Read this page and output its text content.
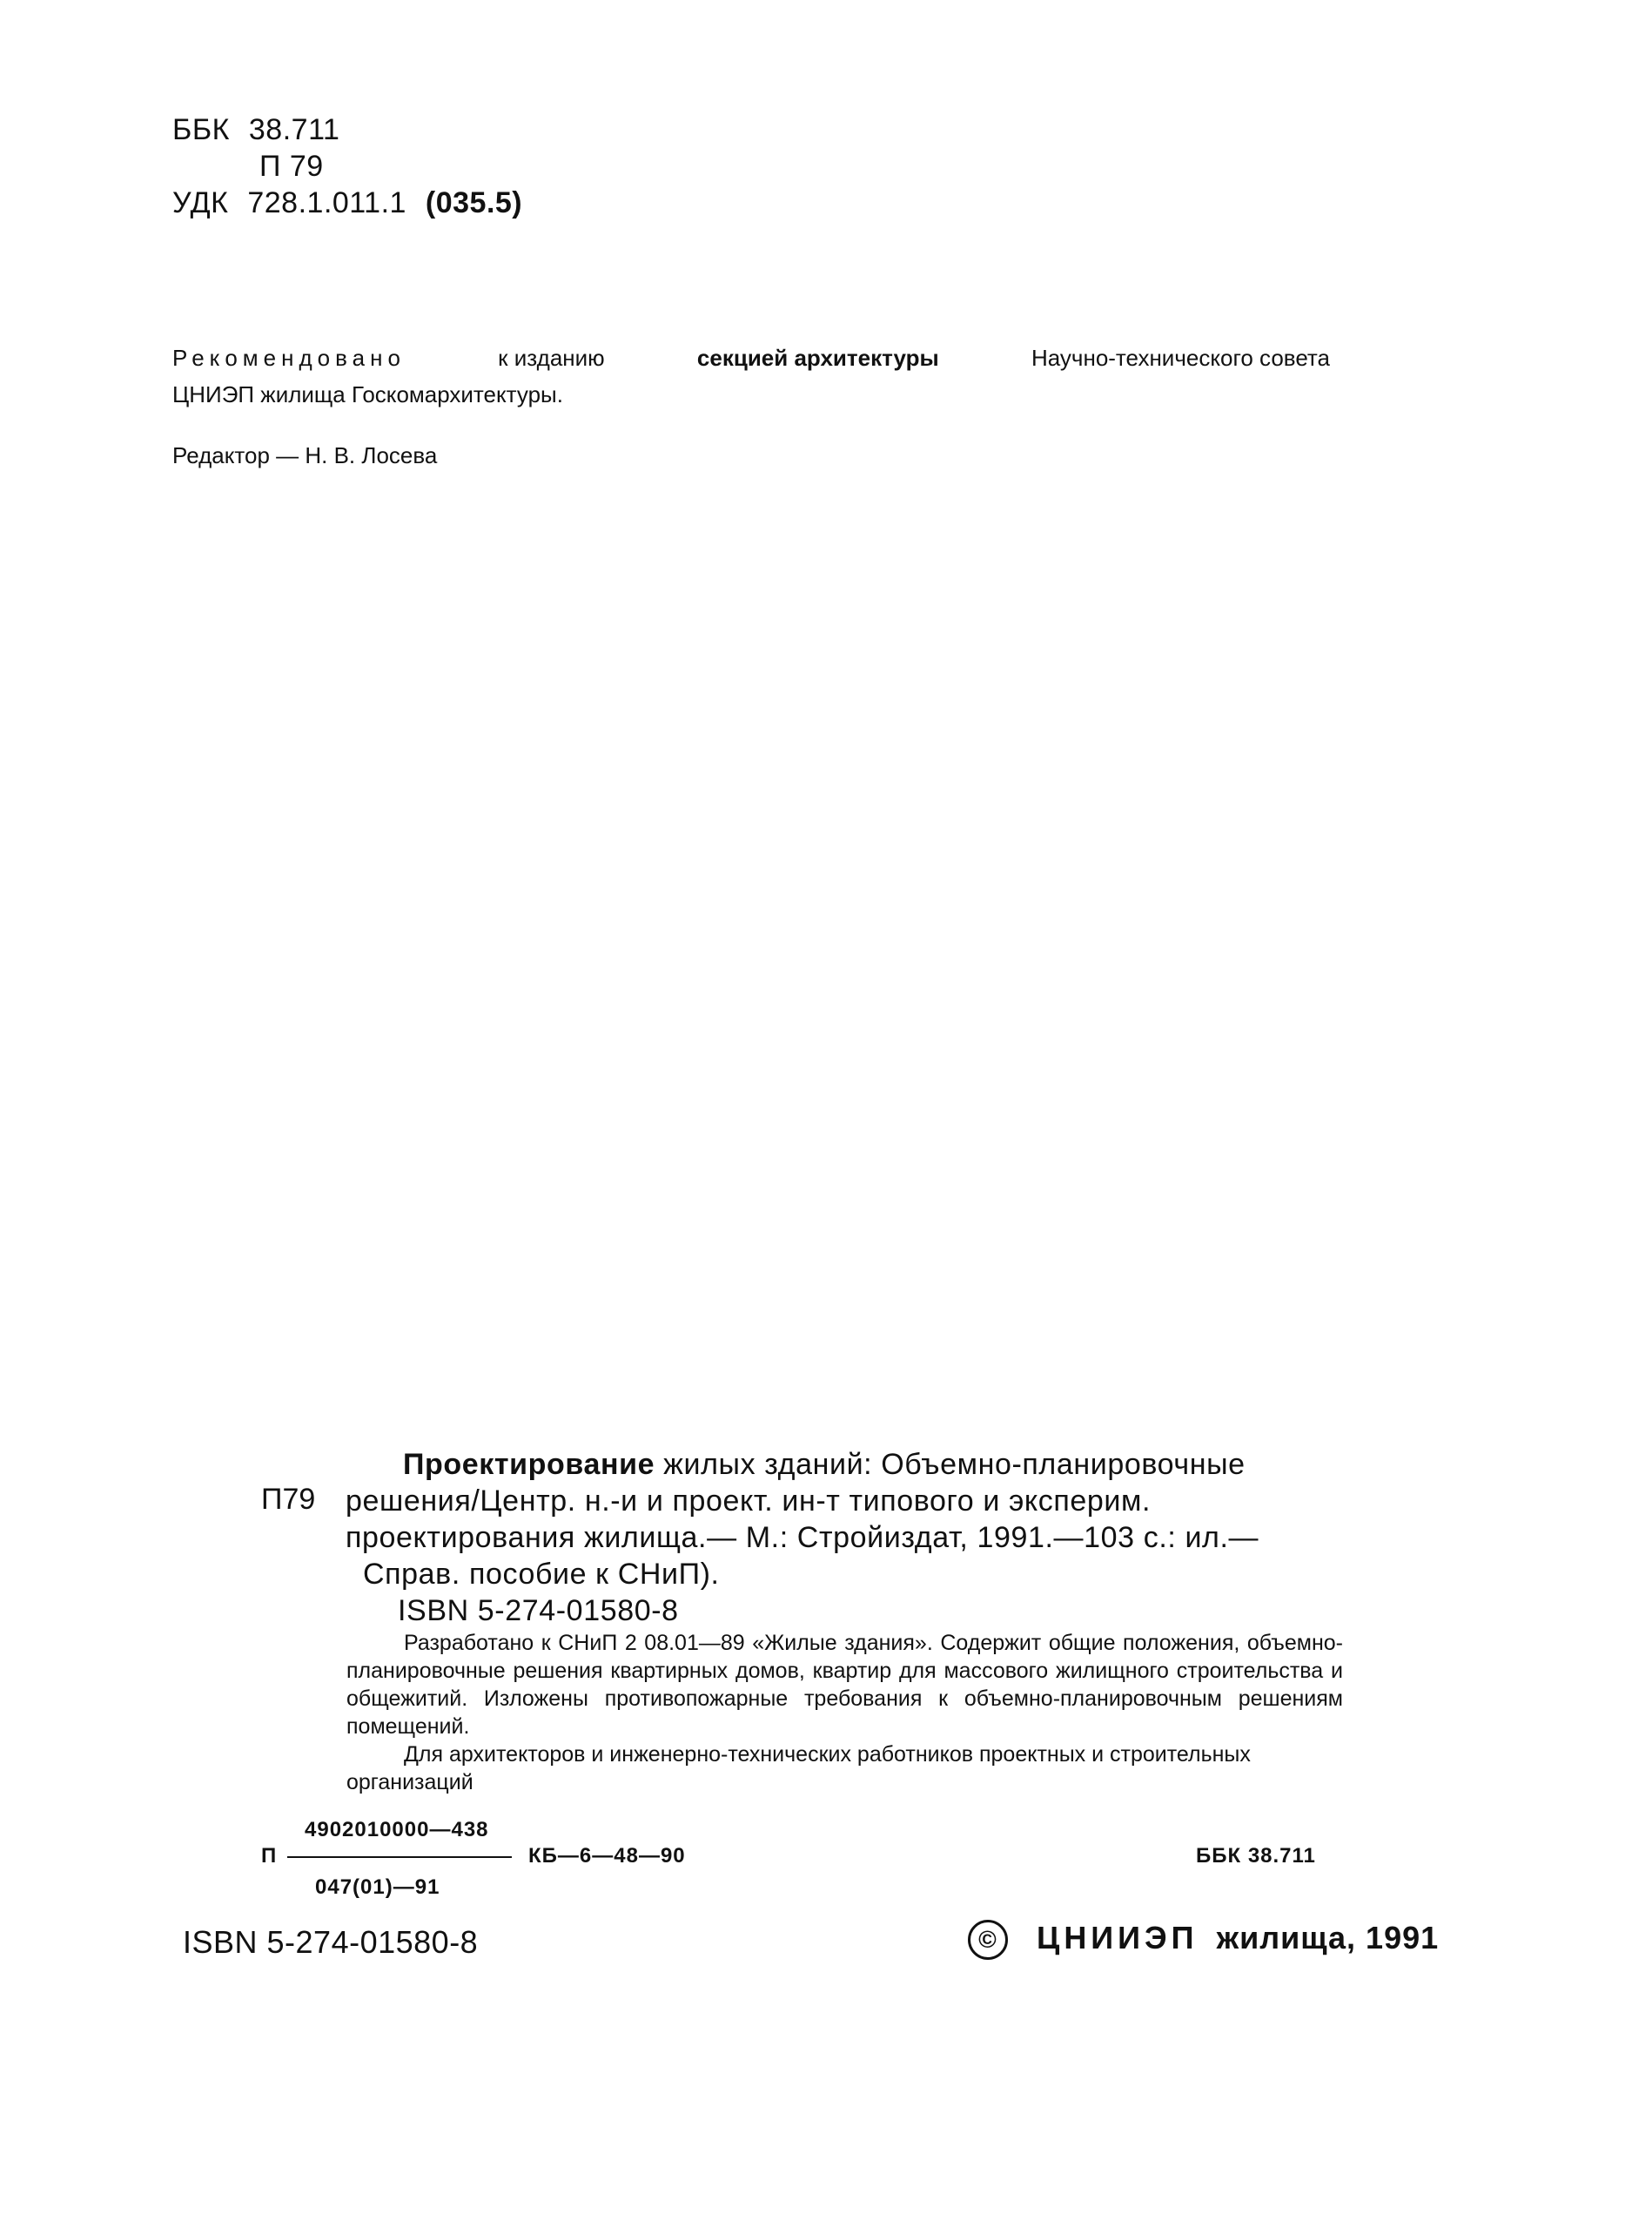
ББК 38.711
П 79
УДК 728.1.011.1 (035.5)
Рекомендовано	к изданию	секцией архитектуры	Научно-технического совета
ЦНИЭП жилища Госкомархитектуры.
Редактор — Н. В. Лосева
П79
Проектирование жилых зданий: Объемно-планировочные
решения/Центр. н.-и и проект. ин-т типового и эксперим.
проектирования жилища.— М.: Стройиздат, 1991.—103 с.: ил.—
Справ. пособие к СНиП).
ISBN 5-274-01580-8

Разработано к СНиП 2 08.01—89 «Жилые здания». Содержит общие положения, объемно-планировочные решения квартирных домов, квартир для массового жилищного строительства и общежитий. Изложены противопожарные требования к объемно-планировочным решениям помещений.

Для архитекторов и инженерно-технических работников проектных и строительных организаций

4902010000—438
П	КБ—6—48—90
047(01)—91
ББК 38.711
ISBN 5-274-01580-8	© ЦНИИЭП жилища, 1991
